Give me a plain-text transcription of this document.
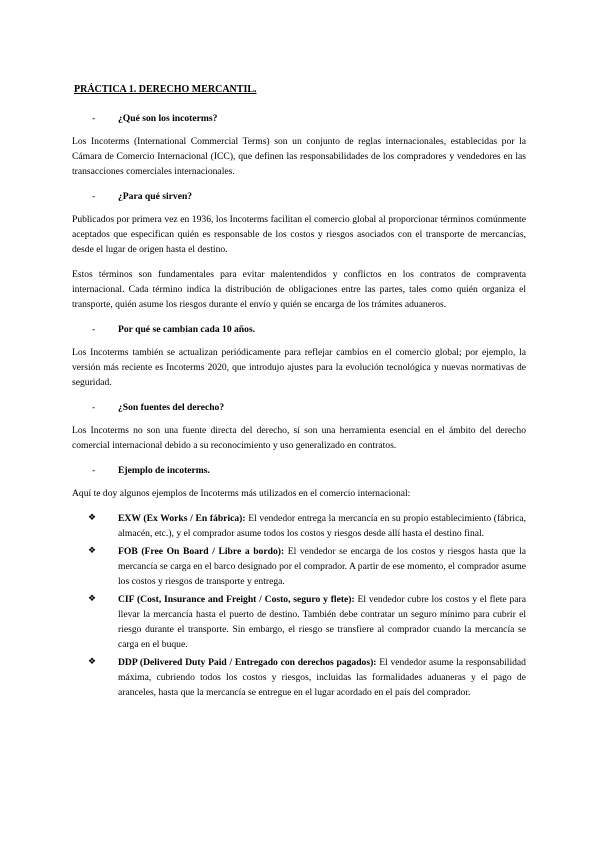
PRÁCTICA 1. DERECHO MERCANTIL.
-	¿Qué son los incoterms?

Los Incoterms (International Commercial Terms) son un conjunto de reglas internacionales, establecidas por la Cámara de Comercio Internacional (ICC), que definen las responsabilidades de los compradores y vendedores en las transacciones comerciales internacionales.

-	¿Para qué sirven?

Publicados por primera vez en 1936, los Incoterms facilitan el comercio global al proporcionar términos comúnmente aceptados que especifican quién es responsable de los costos y riesgos asociados con el transporte de mercancías, desde el lugar de origen hasta el destino.

Estos términos son fundamentales para evitar malentendidos y conflictos en los contratos de compraventa internacional. Cada término indica la distribución de obligaciones entre las partes, tales como quién organiza el transporte, quién asume los riesgos durante el envío y quién se encarga de los trámites aduaneros.

-	Por qué se cambian cada 10 años.

Los Incoterms también se actualizan periódicamente para reflejar cambios en el comercio global; por ejemplo, la versión más reciente es Incoterms 2020, que introdujo ajustes para la evolución tecnológica y nuevas normativas de seguridad.

-	¿Son fuentes del derecho?

Los Incoterms no son una fuente directa del derecho, sí son una herramienta esencial en el ámbito del derecho comercial internacional debido a su reconocimiento y uso generalizado en contratos.

-	Ejemplo de incoterms.

Aquí te doy algunos ejemplos de Incoterms más utilizados en el comercio internacional:

❖	EXW (Ex Works / En fábrica): El vendedor entrega la mercancía en su propio establecimiento (fábrica, almacén, etc.), y el comprador asume todos los costos y riesgos desde allí hasta el destino final.
❖	FOB (Free On Board / Libre a bordo): El vendedor se encarga de los costos y riesgos hasta que la mercancía se carga en el barco designado por el comprador. A partir de ese momento, el comprador asume los costos y riesgos de transporte y entrega.
❖	CIF (Cost, Insurance and Freight / Costo, seguro y flete): El vendedor cubre los costos y el flete para llevar la mercancía hasta el puerto de destino. También debe contratar un seguro mínimo para cubrir el riesgo durante el transporte. Sin embargo, el riesgo se transfiere al comprador cuando la mercancía se carga en el buque.
❖	DDP (Delivered Duty Paid / Entregado con derechos pagados): El vendedor asume la responsabilidad máxima, cubriendo todos los costos y riesgos, incluidas las formalidades aduaneras y el pago de aranceles, hasta que la mercancía se entregue en el lugar acordado en el país del comprador.
